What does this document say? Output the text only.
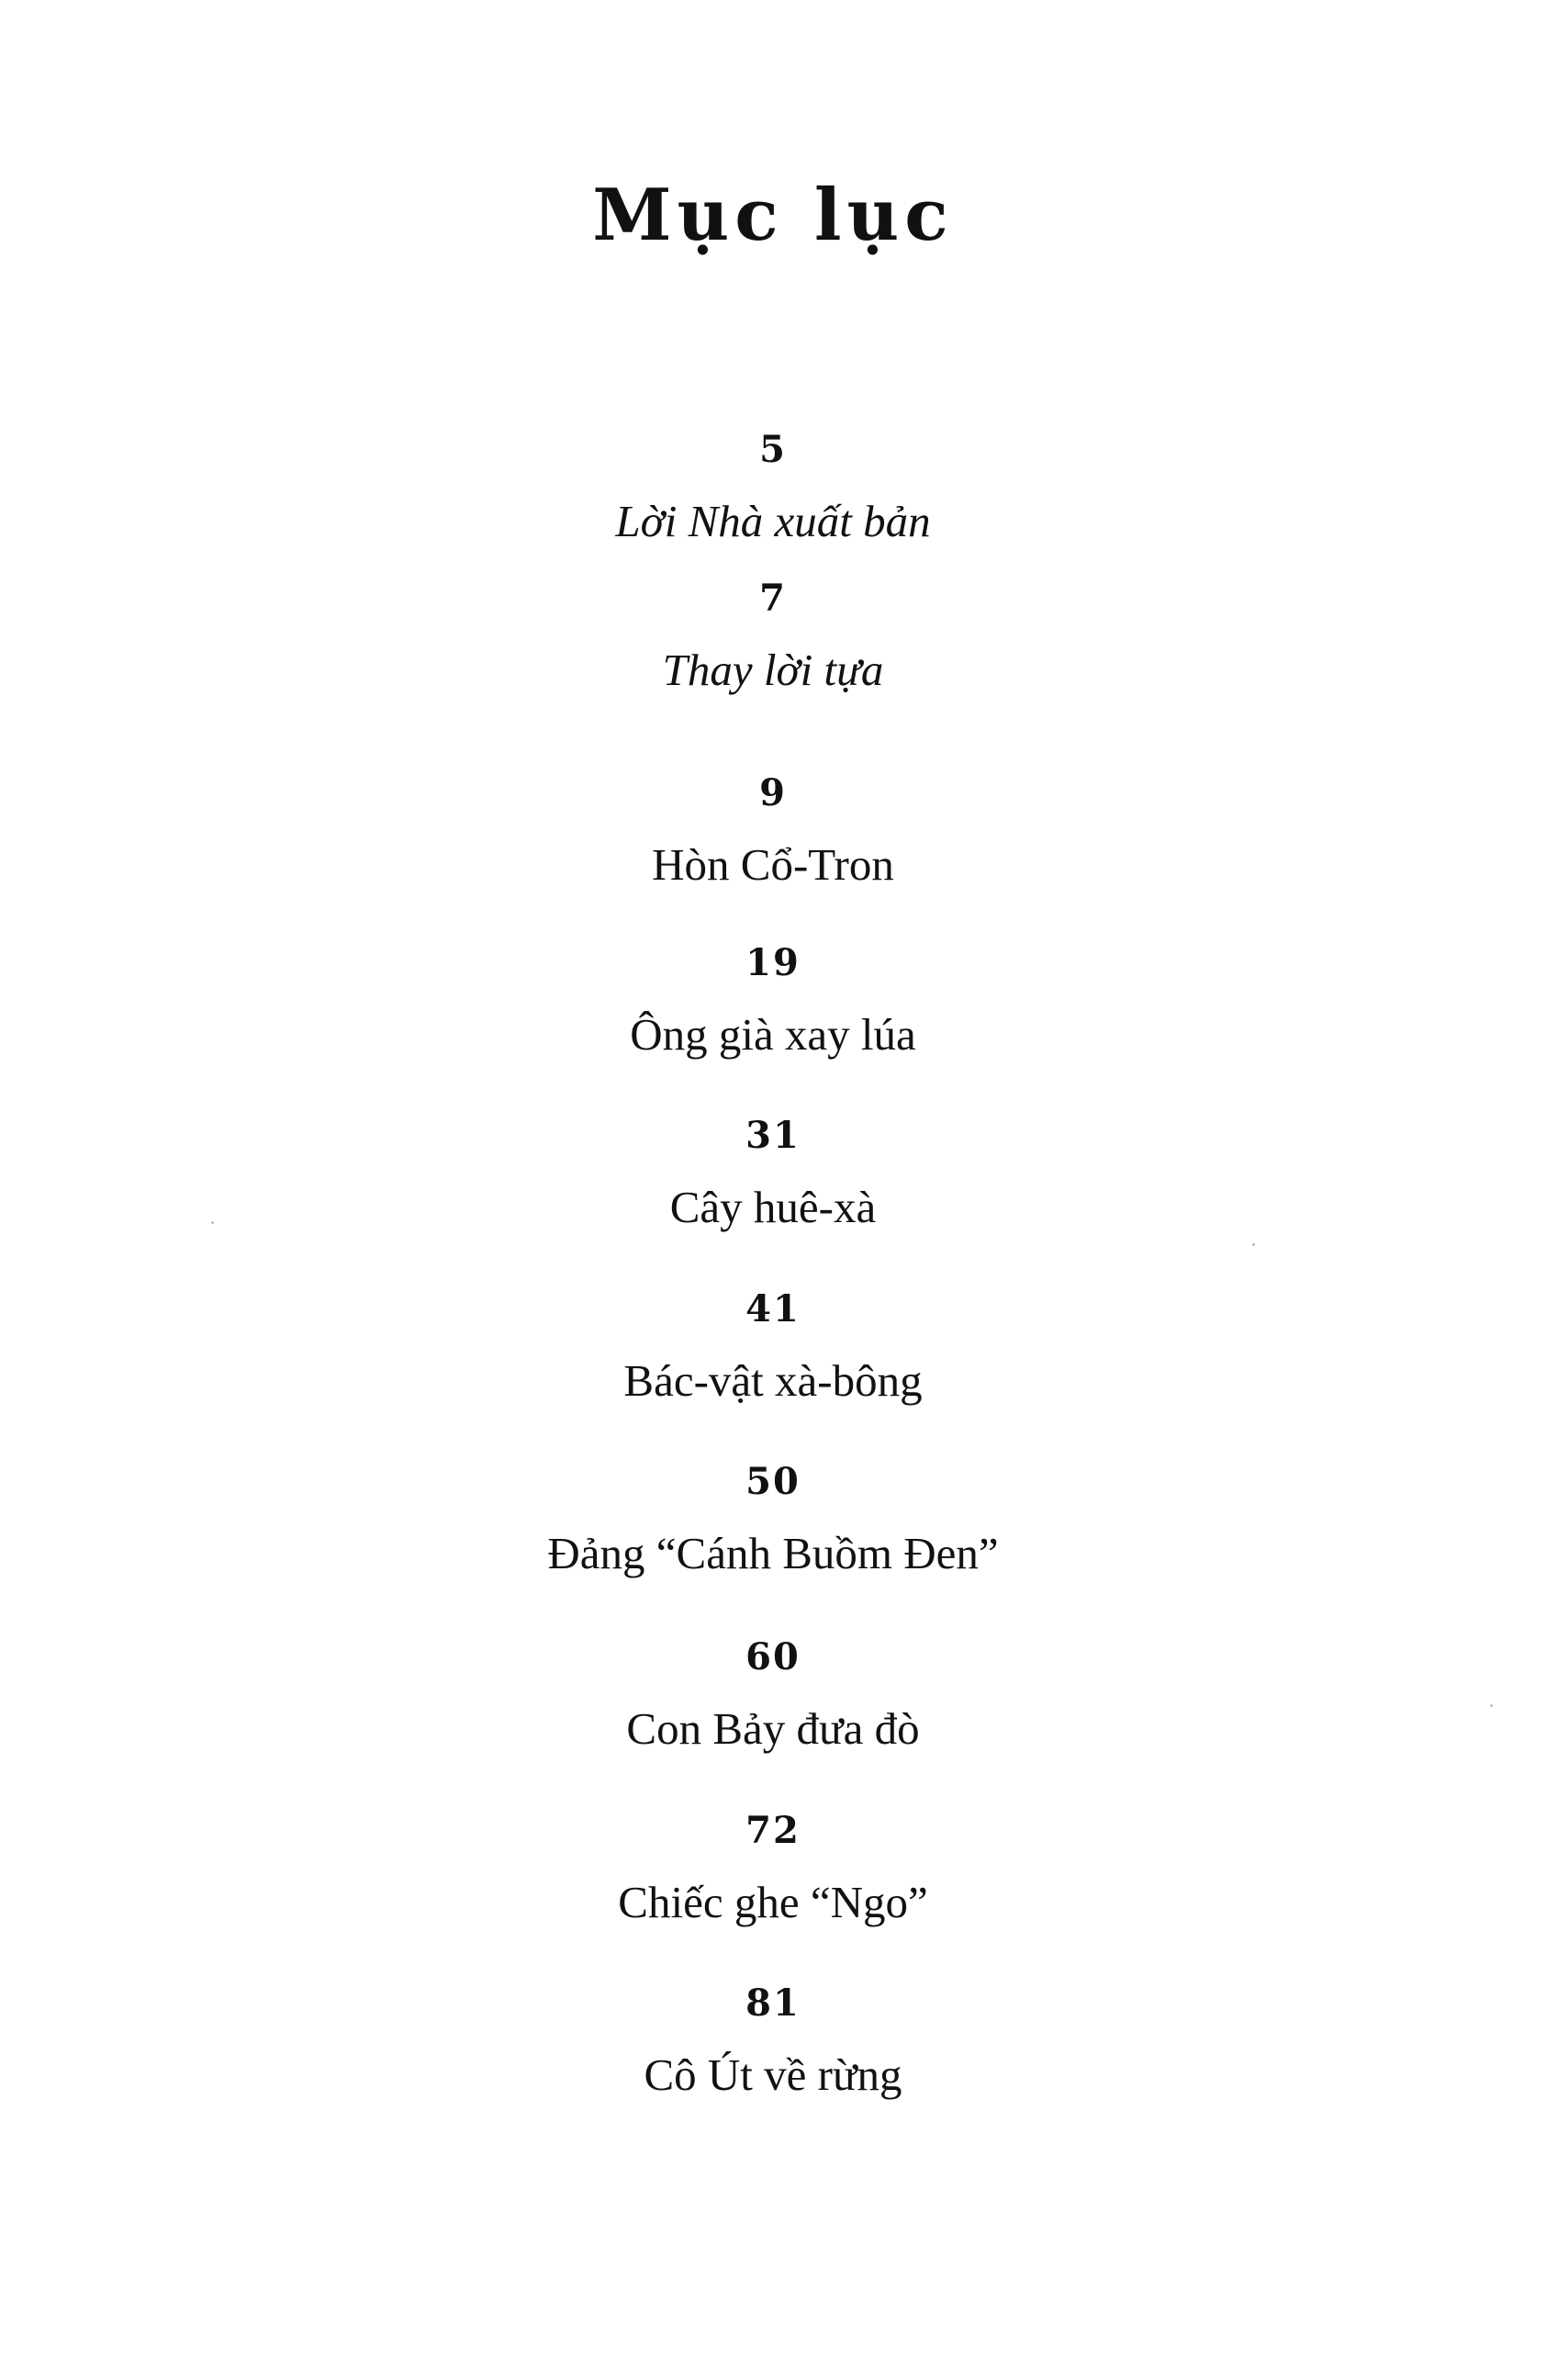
Mục lục
5
Lời Nhà xuất bản
7
Thay lời tựa
9
Hòn Cổ-Tron
19
Ông già xay lúa
31
Cây huê-xà
41
Bác-vật xà-bông
50
Đảng “Cánh Buồm Đen”
60
Con Bảy đưa đò
72
Chiếc ghe “Ngo”
81
Cô Út về rừng
